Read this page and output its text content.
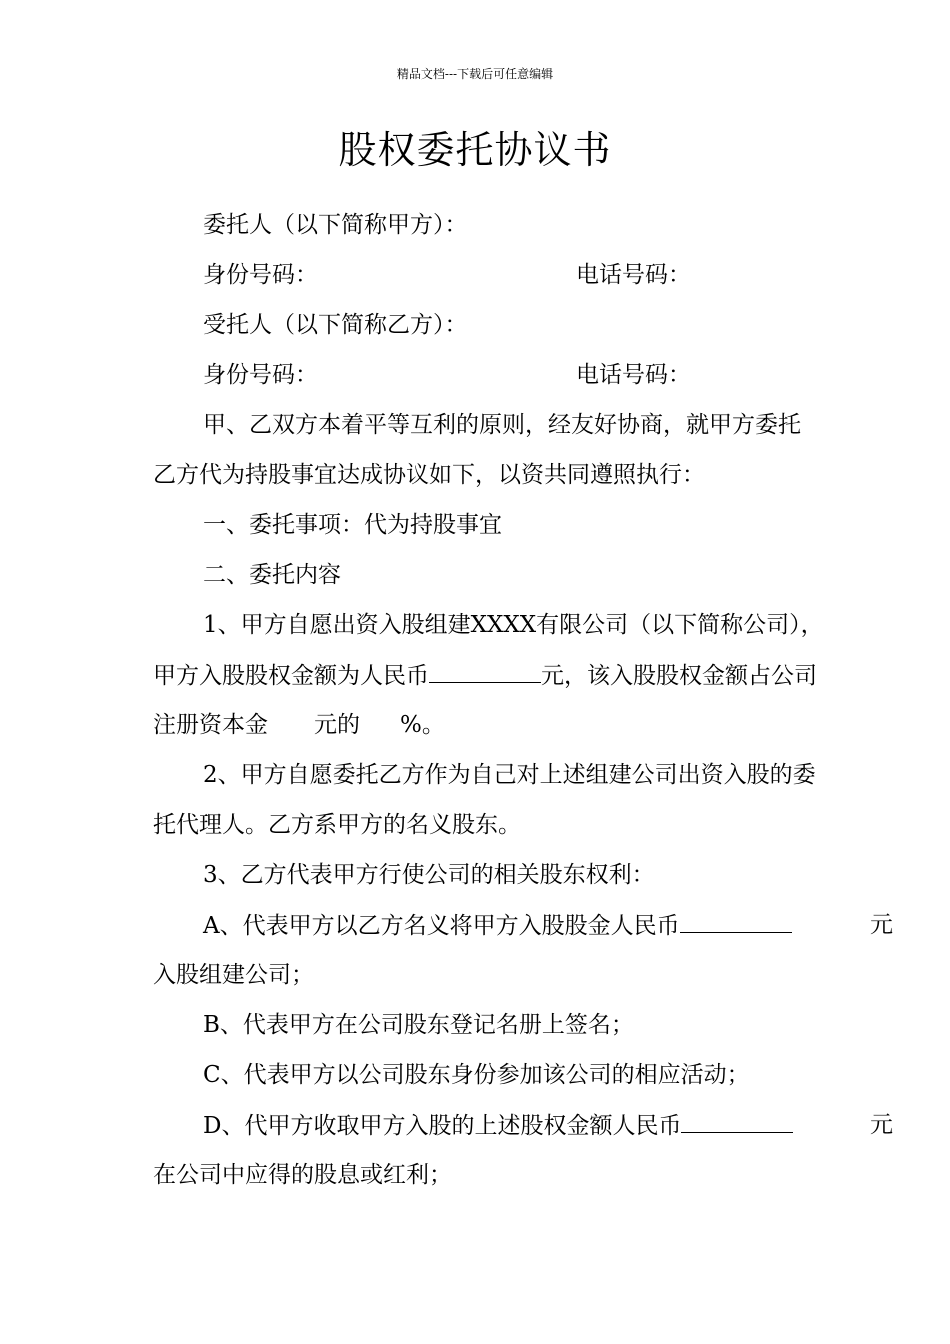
精品文档---下载后可任意编辑
股权委托协议书
委托人（以下简称甲方）：
身份号码：	电话号码：
受托人（以下简称乙方）：
身份号码：	电话号码：
甲、乙双方本着平等互利的原则，经友好协商，就甲方委托
乙方代为持股事宜达成协议如下，以资共同遵照执行：
一、委托事项：代为持股事宜
二、委托内容
1、甲方自愿出资入股组建XXXX有限公司（以下简称公司），
甲方入股股权金额为人民币	元，该入股股权金额占公司
注册资本金 元的 %。
2、甲方自愿委托乙方作为自己对上述组建公司出资入股的委
托代理人。乙方系甲方的名义股东。
3、乙方代表甲方行使公司的相关股东权利：
A、代表甲方以乙方名义将甲方入股股金人民币	元
入股组建公司；
B、代表甲方在公司股东登记名册上签名；
C、代表甲方以公司股东身份参加该公司的相应活动；
D、代甲方收取甲方入股的上述股权金额人民币	元
在公司中应得的股息或红利；
